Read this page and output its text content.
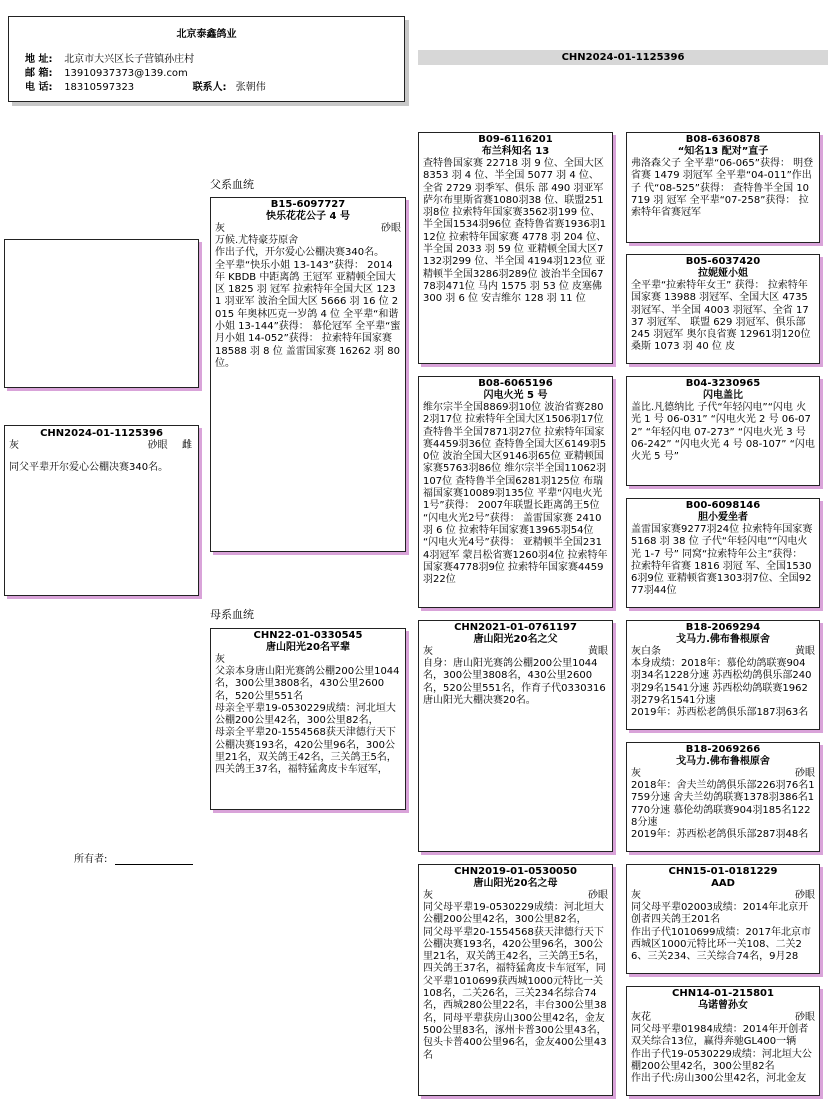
北京泰鑫鸽业
地 址: 北京市大兴区长子营镇孙庄村
邮 箱: 13910937373@139.com
电 话: 18310597323	联系人: 张朝伟
CHN2024-01-1125396
CHN2024-01-1125396
灰	砂眼 雌
同父平辈开尔爱心公棚决赛340名。
父系血统
母系血统
所有者:
B15-6097727
快乐花花公子 4 号
灰	砂眼
万候.尤特豪芬原舍
作出子代，开尔爱心公棚决赛340名。
全平辈“快乐小姐 13-143”获得： 2014 年 KBDB 中距离鸽 王冠军 亚精顿全国大区 1825 羽 冠军 拉索特年全国大区 1231 羽亚军 波治全国大区 5666 羽 16 位 2015 年奥林匹克一岁鸽 4 位 全平辈“和谐小姐 13-144”获得： 慕伦冠军 全平辈“蜜月小姐 14-052”获得： 拉索特年国家赛 18588 羽 8 位 盖雷国家赛 16262 羽 80 位。
CHN22-01-0330545
唐山阳光20名平辈
灰
父亲本身唐山阳光赛鸽公棚200公里1044名，300公里3808名，430公里2600名，520公里551名
母亲全平辈19-0530229成绩：河北垣大公棚200公里42名，300公里82名，
母亲全平辈20-1554568获天津德行天下公棚决赛193名，420公里96名，300公里21名，双关鸽王42名，三关鸽王5名，四关鸽王37名，福特猛禽皮卡车冠军，
B09-6116201
布兰科知名 13
查特鲁国家赛 22718 羽 9 位、全国大区 8353 羽 4 位、半全国 5077 羽 4 位、 全省 2729 羽季军、俱乐 部 490 羽亚军 萨尔布里斯省赛1080羽38 位、联盟251羽8位 拉索特年国家赛3562羽199 位、半全国1534羽96位 查特鲁省赛1936羽112位 拉索特年国家赛 4778 羽 204 位、半全国 2033 羽 59 位 亚精顿全国大区7132羽299 位、半全国 4194羽123位 亚精顿半全国3286羽289位 波治半全国6778羽471位 马内 1575 羽 53 位 皮塞佛 300 羽 6 位 安吉维尔 128 羽 11 位
B08-6065196
闪电火光 5 号
维尔宗半全国8869羽10位 波治省赛2802羽17位 拉索特年全国大区1506羽17位 查特鲁半全国7871羽27位 拉索特年国家赛4459羽36位 查特鲁全国大区6149羽50位 波治全国大区9146羽65位 亚精顿国家赛5763羽86位 维尔宗半全国11062羽107位 查特鲁半全国6281羽125位 布瑞福国家赛10089羽135位 平辈“闪电火光1号”获得： 2007年联盟长距离鸽王5位 “闪电火光2号”获得： 盖雷国家赛 2410 羽 6 位 拉索特年国家赛13965羽54位 “闪电火光4号”获得： 亚精顿半全国2314羽冠军 蒙吕松省赛1260羽4位 拉索特年国家赛4778羽9位 拉索特年国家赛4459羽22位
CHN2021-01-0761197
唐山阳光20名之父
灰	黄眼
自身：唐山阳光赛鸽公棚200公里1044名，300公里3808名，430公里2600名，520公里551名，作育子代0330316唐山阳光大棚决赛20名。
CHN2019-01-0530050
唐山阳光20名之母
灰	砂眼
同父母平辈19-0530229成绩：河北垣大公棚200公里42名，300公里82名，
同父母平辈20-1554568获天津德行天下公棚决赛193名，420公里96名，300公里21名，双关鸽王42名，三关鸽王5名，四关鸽王37名，福特猛禽皮卡车冠军，同父平辈1010699获西城1000元特比一关108名，二关26名，三关234名综合74名，西城280公里22名，丰台300公里38名，同母平辈获房山300公里42名，金友500公里83名，涿州卡普300公里43名，包头卡普400公里96名，金友400公里43名
B08-6360878
“知名13 配对”直子
弗洛森父子 全平辈“06-065”获得： 明登省赛 1479 羽冠军 全平辈“04-011”作出子 代“08-525”获得： 查特鲁半全国 10719 羽 冠军 全平辈“07-258”获得： 拉索特年省赛冠军
B05-6037420
拉妮娅小姐
全平辈“拉索特年女王” 获得： 拉索特年国家赛 13988 羽冠军、全国大区 4735 羽冠军、半全国 4003 羽冠军、全省 1737 羽冠军、 联盟 629 羽冠军、俱乐部 245 羽冠军 奥尔良省赛 12961羽120位 桑斯 1073 羽 40 位 皮
B04-3230965
闪电盖比
盖比.凡德纳比 子代“年轻闪电”“闪电 火光 1 号 06-031” “闪电火光 2 号 06-072” “年轻闪电 07-273” “闪电火光 3 号 06-242” “闪电火光 4 号 08-107” “闪电火光 5 号”
B00-6098146
胆小爱坐者
盖雷国家赛9277羽24位 拉索特年国家赛 5168 羽 38 位 子代“年轻闪电”“闪电火光 1-7 号” 同窝“拉索特年公主”获得： 拉索特年省赛 1816 羽冠 军、全国15306羽9位 亚精顿省赛1303羽7位、全国9277羽44位
B18-2069294
戈马力.佛布鲁根原舍
灰白条	黄眼
本身成绩：2018年：慕伦幼鸽联赛904羽34名1228分速 苏西松幼鸽俱乐部240羽29名1541分速 苏西松幼鸽联赛1962羽279名1541分速
2019年：苏西松老鸽俱乐部187羽63名
B18-2069266
戈马力.佛布鲁根原舍
灰	砂眼
2018年：舍夫兰幼鸽俱乐部226羽76名1759分速 舍夫兰幼鸽联赛1378羽386名1770分速 慕伦幼鸽联赛904羽185名1228分速
2019年：苏西松老鸽俱乐部287羽48名
CHN15-01-0181229
AAD
灰	砂眼
同父母平辈02003成绩：2014年北京开创者四关鸽王201名
作出子代1010699成绩：2017年北京市西城区1000元特比环一关108、二关26、三关234、三关综合74名，9月28
CHN14-01-215801
乌诺曾孙女
灰花	砂眼
同父母平辈01984成绩：2014年开创者双关综合13位，赢得奔驰GL400一辆
作出子代19-0530229成绩：河北垣大公棚200公里42名，300公里82名
作出子代:房山300公里42名，河北金友
